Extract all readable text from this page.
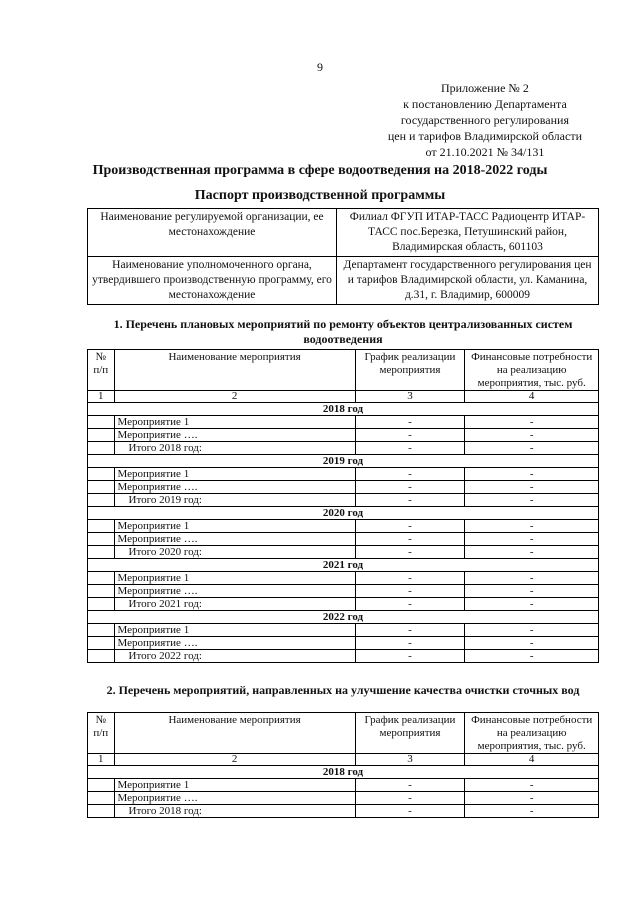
9
Приложение № 2
к постановлению Департамента
государственного регулирования
цен и тарифов Владимирской области
от 21.10.2021 № 34/131
Производственная программа в сфере водоотведения на 2018-2022 годы
Паспорт производственной программы
Наименование регулируемой организации, ее местонахождение	Филиал ФГУП ИТАР-ТАСС Радиоцентр ИТАР-ТАСС пос.Березка, Петушинский район, Владимирская область, 601103
Наименование уполномоченного органа, утвердившего производственную программу, его местонахождение	Департамент государственного регулирования цен и тарифов Владимирской области, ул. Каманина, д.31, г. Владимир, 600009
1. Перечень плановых мероприятий по ремонту объектов централизованных систем водоотведения
№ п/п	Наименование мероприятия	График реализации мероприятия	Финансовые потребности на реализацию мероприятия, тыс. руб.
1	2	3	4
2018 год			
	Мероприятие 1	-	-
	Мероприятие ….	-	-
	Итого 2018 год:	-	-
2019 год			
	Мероприятие 1	-	-
	Мероприятие ….	-	-
	Итого 2019 год:	-	-
2020 год			
	Мероприятие 1	-	-
	Мероприятие ….	-	-
	Итого 2020 год:	-	-
2021 год			
	Мероприятие 1	-	-
	Мероприятие ….	-	-
	Итого 2021 год:	-	-
2022 год			
	Мероприятие 1	-	-
	Мероприятие ….	-	-
	Итого 2022 год:	-	-
2. Перечень мероприятий, направленных на улучшение качества очистки сточных вод
№ п/п	Наименование мероприятия	График реализации мероприятия	Финансовые потребности на реализацию мероприятия, тыс. руб.
1	2	3	4
2018 год			
	Мероприятие 1	-	-
	Мероприятие ….	-	-
	Итого 2018 год:	-	-
